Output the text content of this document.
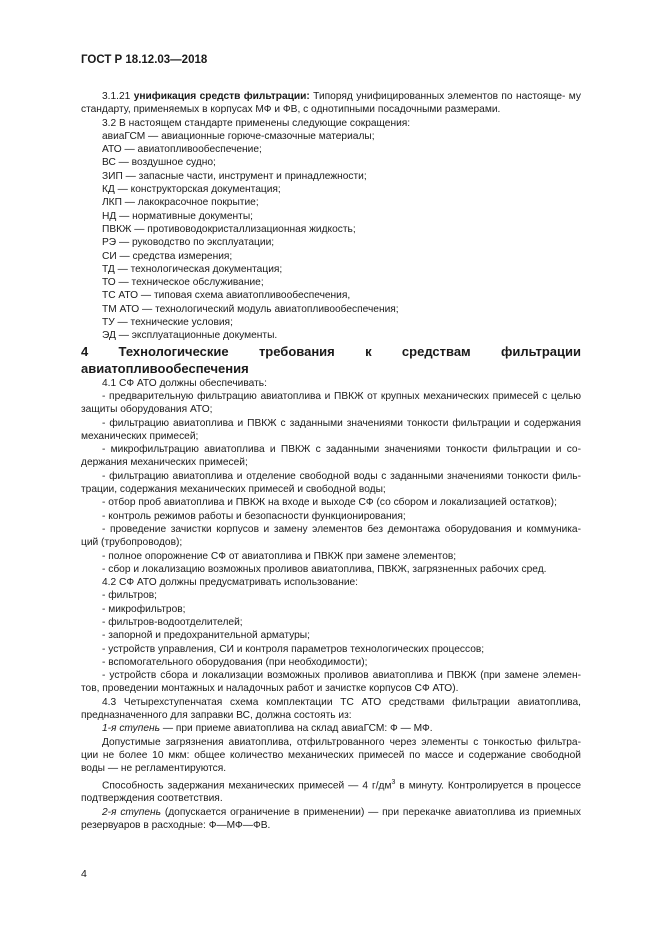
ГОСТ Р 18.12.03—2018

3.1.21 унификация средств фильтрации: Типоряд унифицированных элементов по настояще- му стандарту, применяемых в корпусах МФ и ФВ, с однотипными посадочными размерами.

3.2 В настоящем стандарте применены следующие сокращения:

авиаГСМ — авиационные горюче-смазочные материалы;

АТО — авиатопливообеспечение;

ВС — воздушное судно;

ЗИП — запасные части, инструмент и принадлежности;

КД — конструкторская документация;

ЛКП — лакокрасочное покрытие;

НД — нормативные документы;

ПВКЖ — противоводокристаллизационная жидкость;

РЭ — руководство по эксплуатации;

СИ — средства измерения;

ТД — технологическая документация;

ТО — техническое обслуживание;

ТС АТО — типовая схема авиатопливообеспечения,

ТМ АТО — технологический модуль авиатопливообеспечения;

ТУ — технические условия;

ЭД — эксплуатационные документы.

4 Технологические требования к средствам фильтрации авиатопливообеспечения

4.1 СФ АТО должны обеспечивать:

- предварительную фильтрацию авиатоплива и ПВКЖ от крупных механических примесей с целью защиты оборудования АТО;

- фильтрацию авиатоплива и ПВКЖ с заданными значениями тонкости фильтрации и содержания механических примесей;

- микрофильтрацию авиатоплива и ПВКЖ с заданными значениями тонкости фильтрации и со- держания механических примесей;

- фильтрацию авиатоплива и отделение свободной воды с заданными значениями тонкости филь- трации, содержания механических примесей и свободной воды;

- отбор проб авиатоплива и ПВКЖ на входе и выходе СФ (со сбором и локализацией остатков);

- контроль режимов работы и безопасности функционирования;

- проведение зачистки корпусов и замену элементов без демонтажа оборудования и коммуника- ций (трубопроводов);

- полное опорожнение СФ от авиатоплива и ПВКЖ при замене элементов;

- сбор и локализацию возможных проливов авиатоплива, ПВКЖ, загрязненных рабочих сред.

4.2 СФ АТО должны предусматривать использование:

- фильтров;

- микрофильтров;

- фильтров-водоотделителей;

- запорной и предохранительной арматуры;

- устройств управления, СИ и контроля параметров технологических процессов;

- вспомогательного оборудования (при необходимости);

- устройств сбора и локализации возможных проливов авиатоплива и ПВКЖ (при замене элемен- тов, проведении монтажных и наладочных работ и зачистке корпусов СФ АТО).

4.3 Четырехступенчатая схема комплектации ТС АТО средствами фильтрации авиатоплива, предназначенного для заправки ВС, должна состоять из:

1-я ступень — при приеме авиатоплива на склад авиаГСМ: Ф — МФ.

Допустимые загрязнения авиатоплива, отфильтрованного через элементы с тонкостью фильтра- ции не более 10 мкм: общее количество механических примесей по массе и содержание свободной воды — не регламентируются.

Способность задержания механических примесей — 4 $г/дм^3$ в минуту. Контролируется в процессе подтверждения соответствия.

2-я ступень (допускается ограничение в применении) — при перекачке авиатоплива из приемных резервуаров в расходные: Ф—МФ—ФВ.

4
